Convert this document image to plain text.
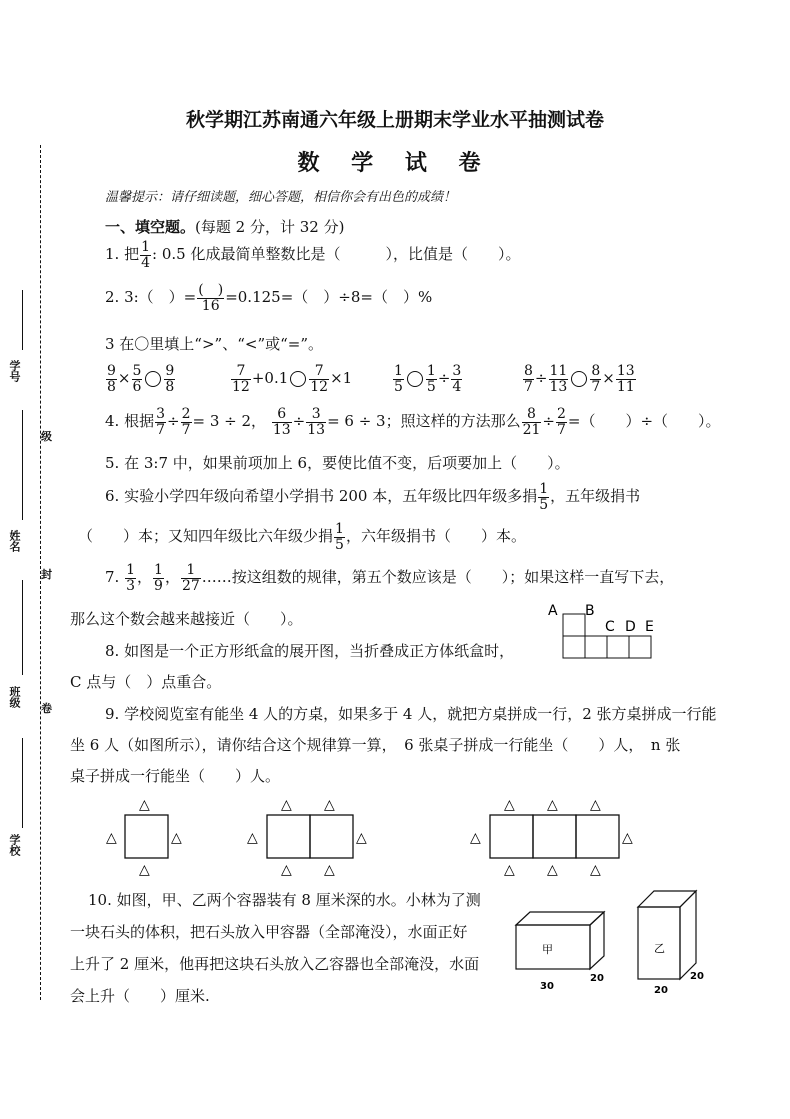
秋学期江苏南通六年级上册期末学业水平抽测试卷
数 学 试 卷
温馨提示：请仔细读题，细心答题，相信你会有出色的成绩！
一、填空题。(每题 2 分，计 32 分)
学号
级
姓名
封
班级
卷
学校
1. 把 $\frac{1}{4}$ : 0.5 化成最简单整数比是（　　　），比值是（　　）。
2. 3:（　）= $\frac{( )}{16} =0.125=$（　）÷8=（　）%
3 在〇里填上“>”、“<”或“=”。
$\frac{9}{8} \times \frac{5}{6} \frac{9}{8}$	$\frac{7}{12} +0.1 \frac{7}{12} \times 1$	$\frac{1}{5} \frac{1}{5} \div \frac{3}{4}$	$\frac{8}{7} \div \frac{11}{13} \frac{8}{7} \times \frac{13}{11}$
4. 根据 $\frac{3}{7} \div \frac{2}{7} = 3 \div 2$， $\frac{6}{13} \div \frac{3}{13} = 6 \div 3$；照这样的方法那么 $\frac{8}{21} \div \frac{2}{7}$ =（　　）÷（　　）。
5. 在 3:7 中，如果前项加上 6，要使比值不变，后项要加上（　　）。
6. 实验小学四年级向希望小学捐书 200 本，五年级比四年级多捐 $\frac{1}{5}$ ，五年级捐书
（　　）本；又知四年级比六年级少捐 $\frac{1}{5}$ ，六年级捐书（　　）本。
7. $\frac{1}{3}$ ， $\frac{1}{9}$ ， $\frac{1}{27}$ ……按这组数的规律，第五个数应该是（　　）；如果这样一直写下去，
那么这个数会越来越接近（　　）。
8. 如图是一个正方形纸盒的展开图，当折叠成正方体纸盒时，
C 点与（　）点重合。
A B
C D E
9. 学校阅览室有能坐 4 人的方桌，如果多于 4 人，就把方桌拼成一行，2 张方桌拼成一行能
坐 6 人（如图所示），请你结合这个规律算一算，　6 张桌子拼成一行能坐（　　）人，　n 张
桌子拼成一行能坐（　　）人。
△
△
△	△
△ △
△ △
△	△
△ △ △
△ △ △
△	△
10. 如图，甲、乙两个容器装有 8 厘米深的水。小林为了测
一块石头的体积，把石头放入甲容器（全部淹没），水面正好
上升了 2 厘米，他再把这块石头放入乙容器也全部淹没，水面
会上升（　　）厘米.
甲
30
20
乙
20
20
